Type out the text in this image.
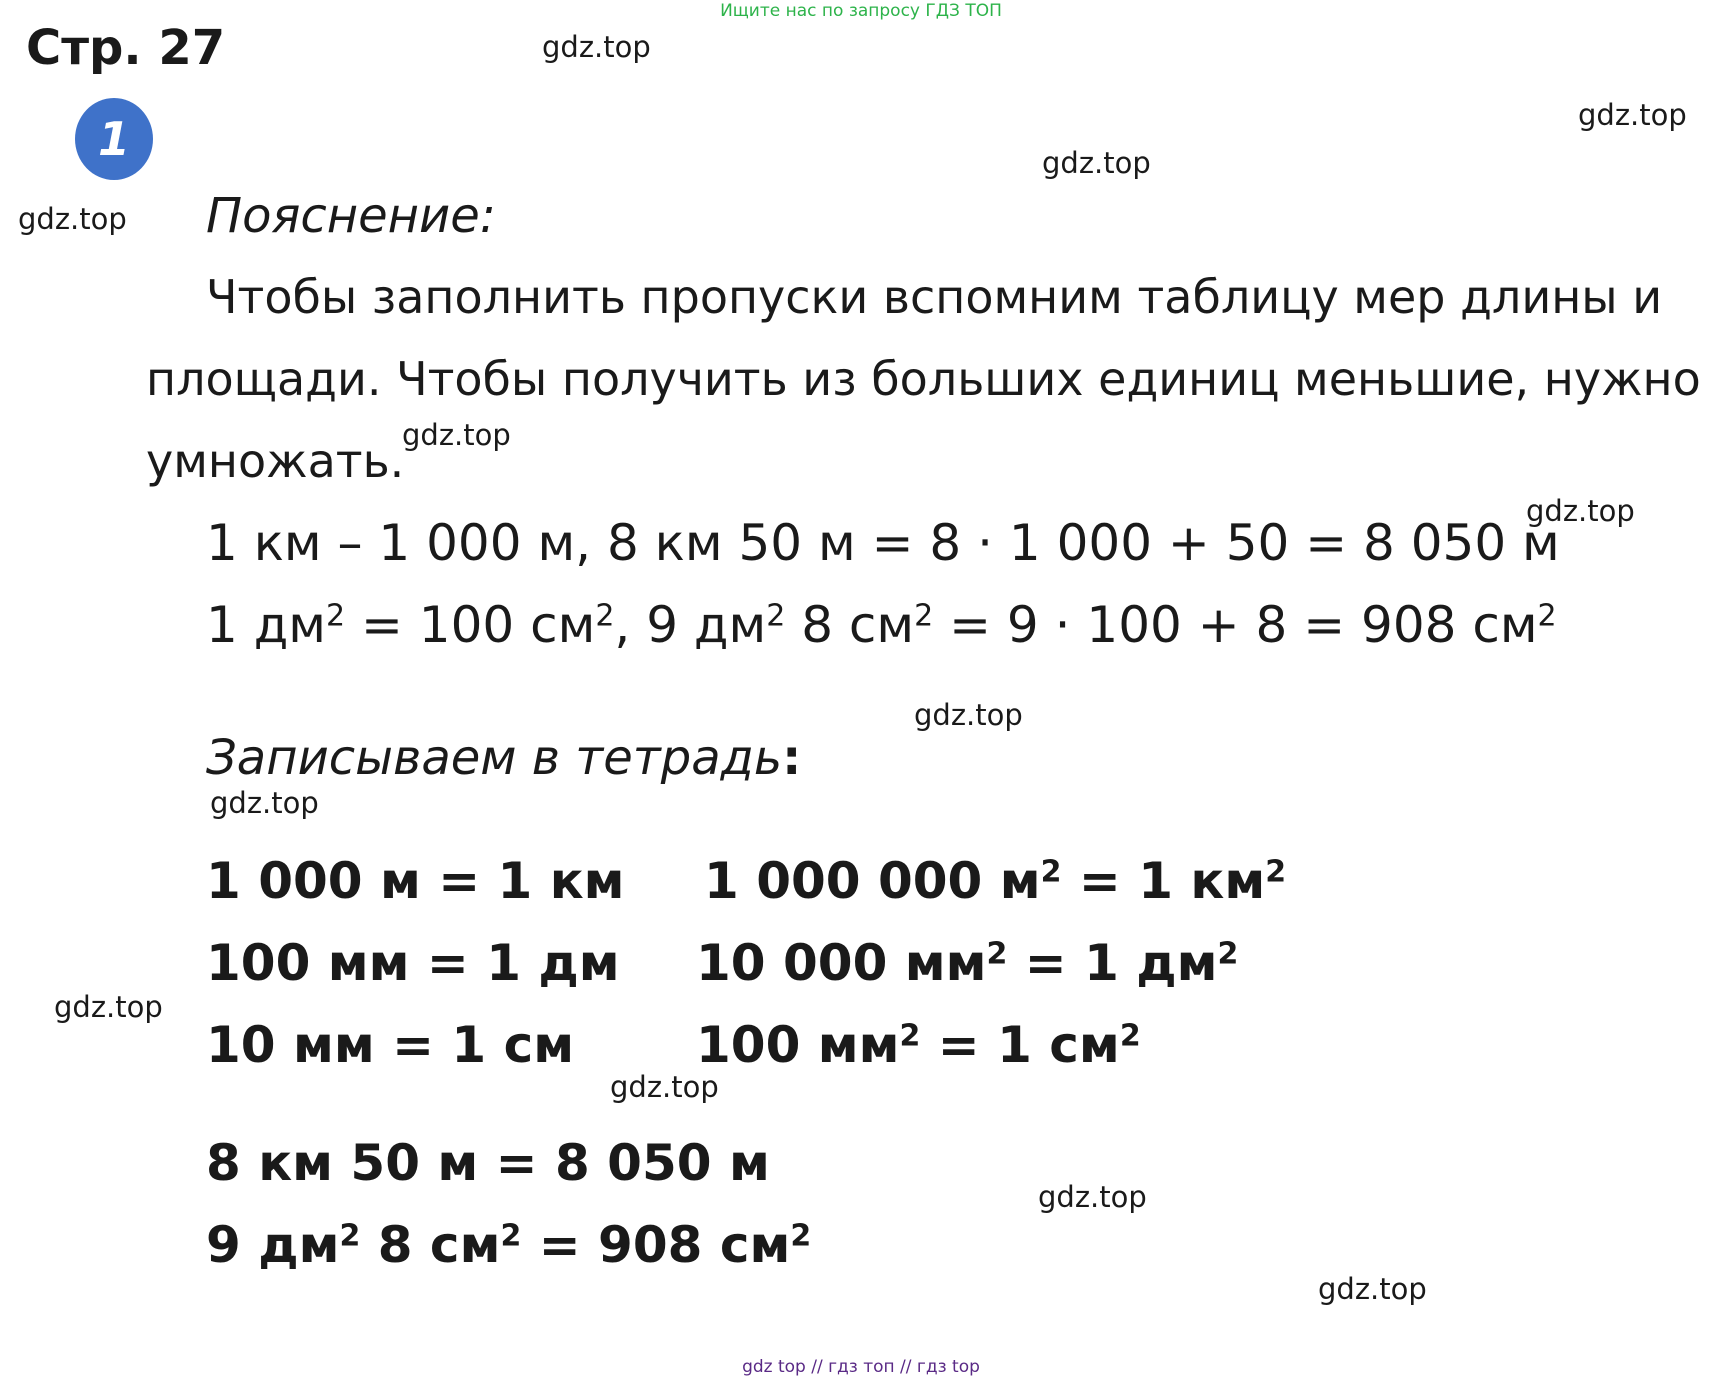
Ищите нас по запросу ГДЗ ТОП
Стр. 27
1
Пояснение:
Чтобы заполнить пропуски вспомним таблицу мер длины и
площади. Чтобы получить из больших единиц меньшие, нужно
умножать.
1 км – 1 000 м, 8 км 50 м = 8 · 1 000 + 50 = 8 050 м
1 $дм^2 = 100$ $см^2$, 9 $дм^2$ 8 $см^2 = 9 \cdot 100 + 8 = 908$ $см^2$
Записываем в тетрадь:
1 000 м = 1 км
100 мм = 1 дм
10 мм = 1 см
1 000 000 $м^2 = 1$ $км^2$
10 000 $мм^2 = 1$ $дм^2$
100 $мм^2 = 1$ $см^2$
8 км 50 м = 8 050 м
9 $дм^2$ 8 $см^2 = 908$ $см^2$
gdz.top
gdz.top
gdz.top
gdz.top
gdz.top
gdz.top
gdz.top
gdz.top
gdz.top
gdz.top
gdz.top
gdz.top
gdz top // гдз топ // гдз top
